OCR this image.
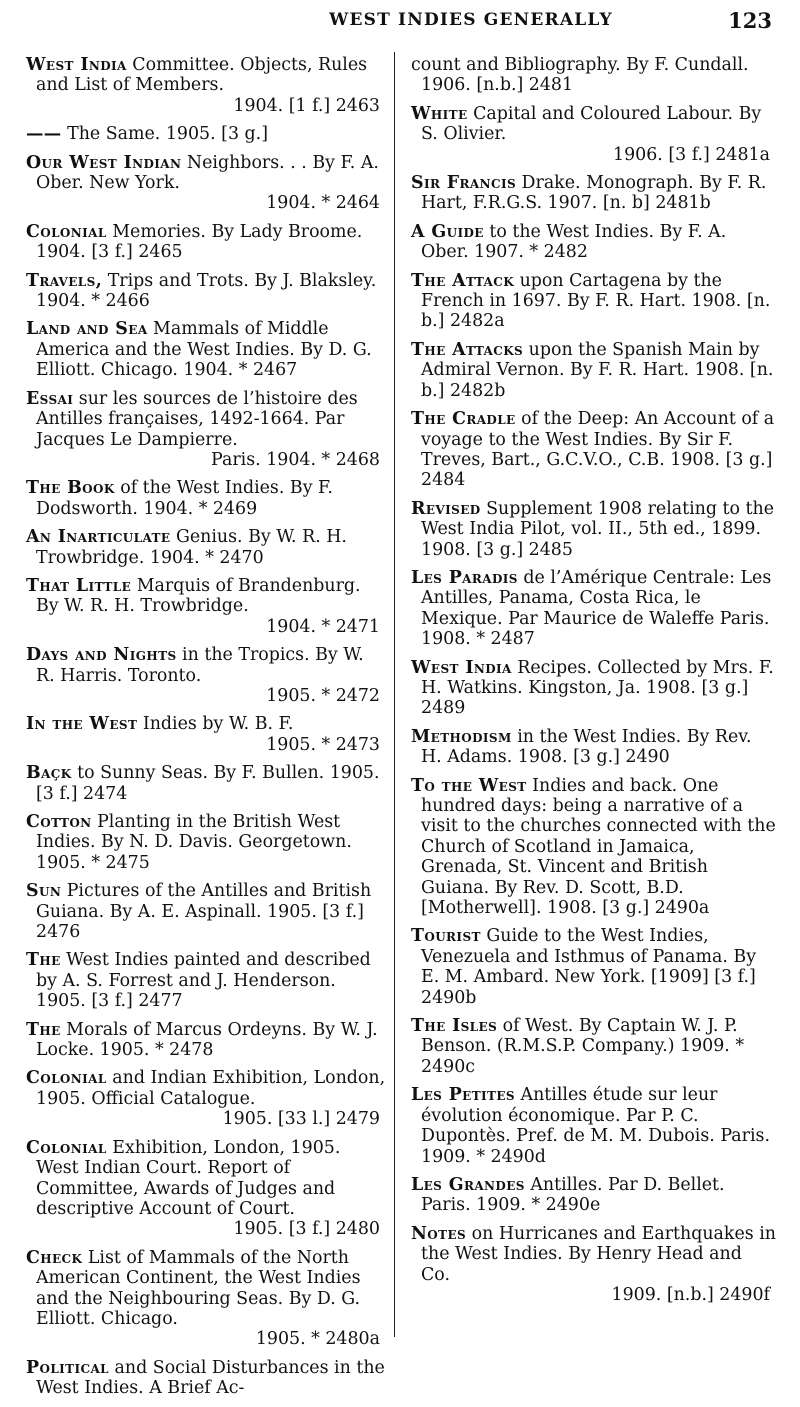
WEST INDIES GENERALLY	123
West India Committee. Objects, Rules and List of Members.
1904. [1 f.] 2463
—— The Same. 1905. [3 g.]
Our West Indian Neighbors. . . By F. A. Ober. New York.
1904. * 2464
Colonial Memories. By Lady Broome. 1904. [3 f.] 2465
Travels, Trips and Trots. By J. Blaksley. 1904. * 2466
Land and Sea Mammals of Middle America and the West Indies. By D. G. Elliott. Chicago. 1904. * 2467
Essai sur les sources de l’histoire des Antilles françaises, 1492-1664. Par Jacques Le Dampierre.
Paris. 1904. * 2468
The Book of the West Indies. By F. Dodsworth. 1904. * 2469
An Inarticulate Genius. By W. R. H. Trowbridge. 1904. * 2470
That Little Marquis of Brandenburg. By W. R. H. Trowbridge.
1904. * 2471
Days and Nights in the Tropics. By W. R. Harris. Toronto.
1905. * 2472
In the West Indies by W. B. F.
1905. * 2473
Baçk to Sunny Seas. By F. Bullen. 1905. [3 f.] 2474
Cotton Planting in the British West Indies. By N. D. Davis. Georgetown. 1905. * 2475
Sun Pictures of the Antilles and British Guiana. By A. E. Aspinall. 1905. [3 f.] 2476
The West Indies painted and described by A. S. Forrest and J. Henderson. 1905. [3 f.] 2477
The Morals of Marcus Ordeyns. By W. J. Locke. 1905. * 2478
Colonial and Indian Exhibition, London, 1905. Official Catalogue.
1905. [33 l.] 2479
Colonial Exhibition, London, 1905. West Indian Court. Report of Committee, Awards of Judges and descriptive Account of Court.
1905. [3 f.] 2480
Check List of Mammals of the North American Continent, the West Indies and the Neighbouring Seas. By D. G. Elliott. Chicago.
1905. * 2480a
Political and Social Disturbances in the West Indies. A Brief Ac-
count and Bibliography. By F. Cundall. 1906. [n.b.] 2481
White Capital and Coloured Labour. By S. Olivier.
1906. [3 f.] 2481a
Sir Francis Drake. Monograph. By F. R. Hart, F.R.G.S. 1907. [n. b] 2481b
A Guide to the West Indies. By F. A. Ober. 1907. * 2482
The Attack upon Cartagena by the French in 1697. By F. R. Hart. 1908. [n. b.] 2482a
The Attacks upon the Spanish Main by Admiral Vernon. By F. R. Hart. 1908. [n. b.] 2482b
The Cradle of the Deep: An Account of a voyage to the West Indies. By Sir F. Treves, Bart., G.C.V.O., C.B. 1908. [3 g.] 2484
Revised Supplement 1908 relating to the West India Pilot, vol. II., 5th ed., 1899. 1908. [3 g.] 2485
Les Paradis de l’Amérique Centrale: Les Antilles, Panama, Costa Rica, le Mexique. Par Maurice de Waleffe Paris. 1908. * 2487
West India Recipes. Collected by Mrs. F. H. Watkins. Kingston, Ja. 1908. [3 g.] 2489
Methodism in the West Indies. By Rev. H. Adams. 1908. [3 g.] 2490
To the West Indies and back. One hundred days: being a narrative of a visit to the churches connected with the Church of Scotland in Jamaica, Grenada, St. Vincent and British Guiana. By Rev. D. Scott, B.D. [Motherwell]. 1908. [3 g.] 2490a
Tourist Guide to the West Indies, Venezuela and Isthmus of Panama. By E. M. Ambard. New York. [1909] [3 f.] 2490b
The Isles of West. By Captain W. J. P. Benson. (R.M.S.P. Company.) 1909. * 2490c
Les Petites Antilles étude sur leur évolution économique. Par P. C. Dupontès. Pref. de M. M. Dubois. Paris. 1909. * 2490d
Les Grandes Antilles. Par D. Bellet. Paris. 1909. * 2490e
Notes on Hurricanes and Earthquakes in the West Indies. By Henry Head and Co.
1909. [n.b.] 2490f
